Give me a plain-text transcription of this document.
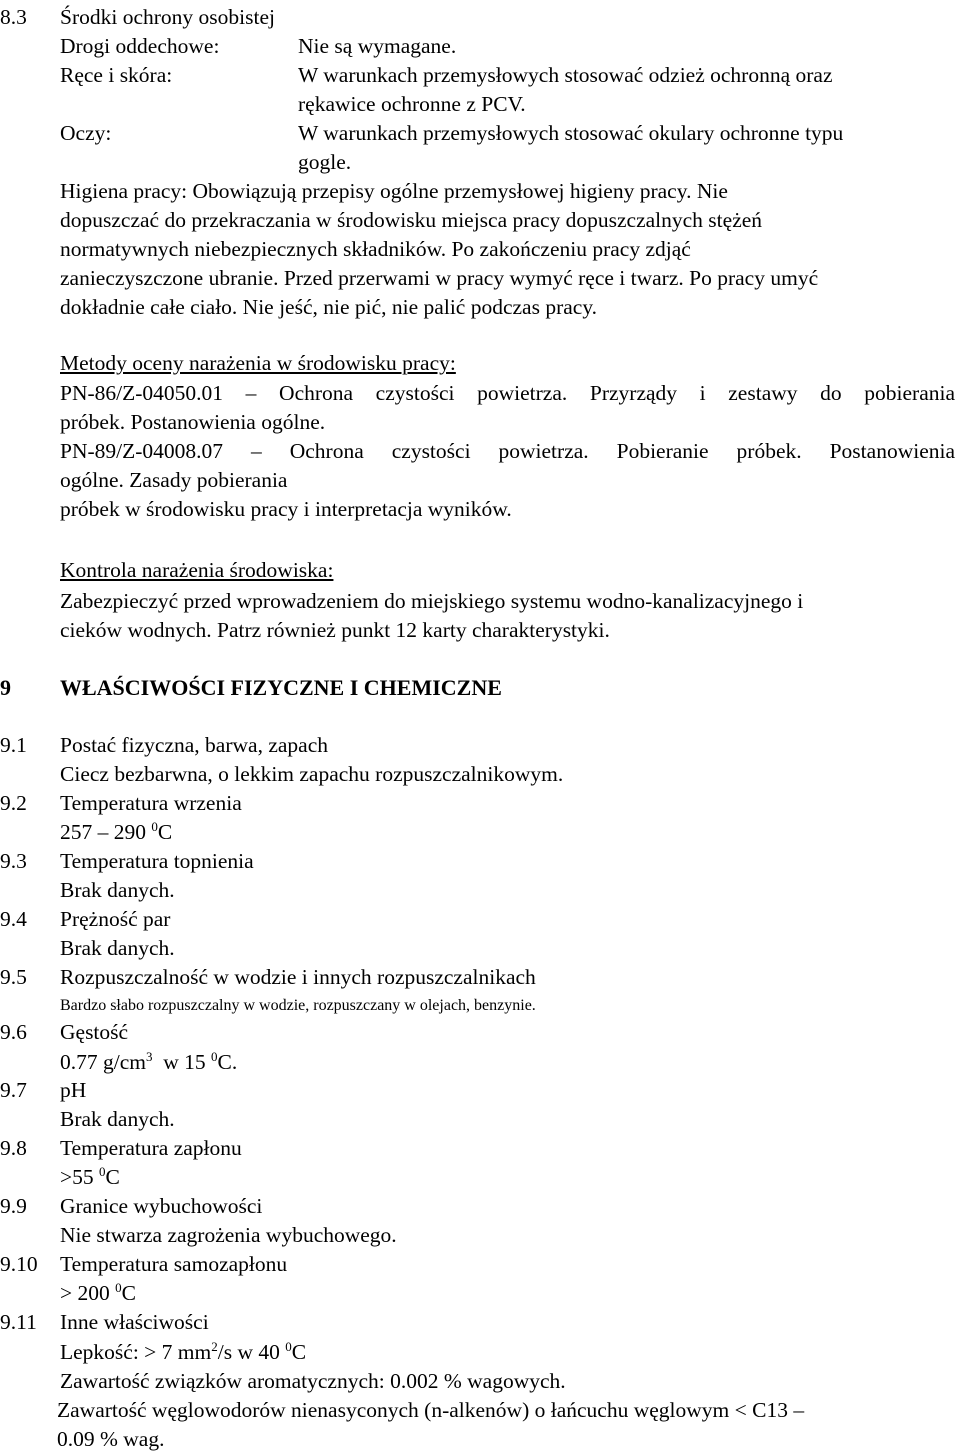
8.3 Środki ochrony osobistej
Drogi oddechowe:	Nie są wymagane.
Ręce i skóra:	W warunkach przemysłowych stosować odzież ochronną oraz
rękawice ochronne z PCV.
Oczy:	W warunkach przemysłowych stosować okulary ochronne typu
gogle.
Higiena pracy: Obowiązują przepisy ogólne przemysłowej higieny pracy. Nie
dopuszczać do przekraczania w środowisku miejsca pracy dopuszczalnych stężeń
normatywnych niebezpiecznych składników. Po zakończeniu pracy zdjąć
zanieczyszczone ubranie. Przed przerwami w pracy wymyć ręce i twarz. Po pracy umyć
dokładnie całe ciało. Nie jeść, nie pić, nie palić podczas pracy.
Metody oceny narażenia w środowisku pracy:
PN-86/Z-04050.01 – Ochrona czystości powietrza. Przyrządy i zestawy do pobierania
próbek. Postanowienia ogólne.
PN-89/Z-04008.07 – Ochrona czystości powietrza. Pobieranie próbek. Postanowienia
ogólne. Zasady pobierania
próbek w środowisku pracy i interpretacja wyników.
Kontrola narażenia środowiska:
Zabezpieczyć przed wprowadzeniem do miejskiego systemu wodno-kanalizacyjnego i
cieków wodnych. Patrz również punkt 12 karty charakterystyki.
9 WŁAŚCIWOŚCI FIZYCZNE I CHEMICZNE
9.1 Postać fizyczna, barwa, zapach
Ciecz bezbarwna, o lekkim zapachu rozpuszczalnikowym.
9.2 Temperatura wrzenia
257 – 290 $^0$C
9.3 Temperatura topnienia
Brak danych.
9.4 Prężność par
Brak danych.
9.5 Rozpuszczalność w wodzie i innych rozpuszczalnikach
Bardzo słabo rozpuszczalny w wodzie, rozpuszczany w olejach, benzynie.
9.6 Gęstość
0.77 $g/cm^3$  w 15 $^0$C.
9.7 pH
Brak danych.
9.8 Temperatura zapłonu
>55 $^0$C
9.9 Granice wybuchowości
Nie stwarza zagrożenia wybuchowego.
9.10 Temperatura samozapłonu
> 200 $^0$C
9.11 Inne właściwości
Lepkość: > 7 $mm^2/s$ w 40 $^0$C
Zawartość związków aromatycznych: 0.002 % wagowych.
Zawartość węglowodorów nienasyconych (n-alkenów) o łańcuchu węglowym < C13 –
0.09 % wag.
